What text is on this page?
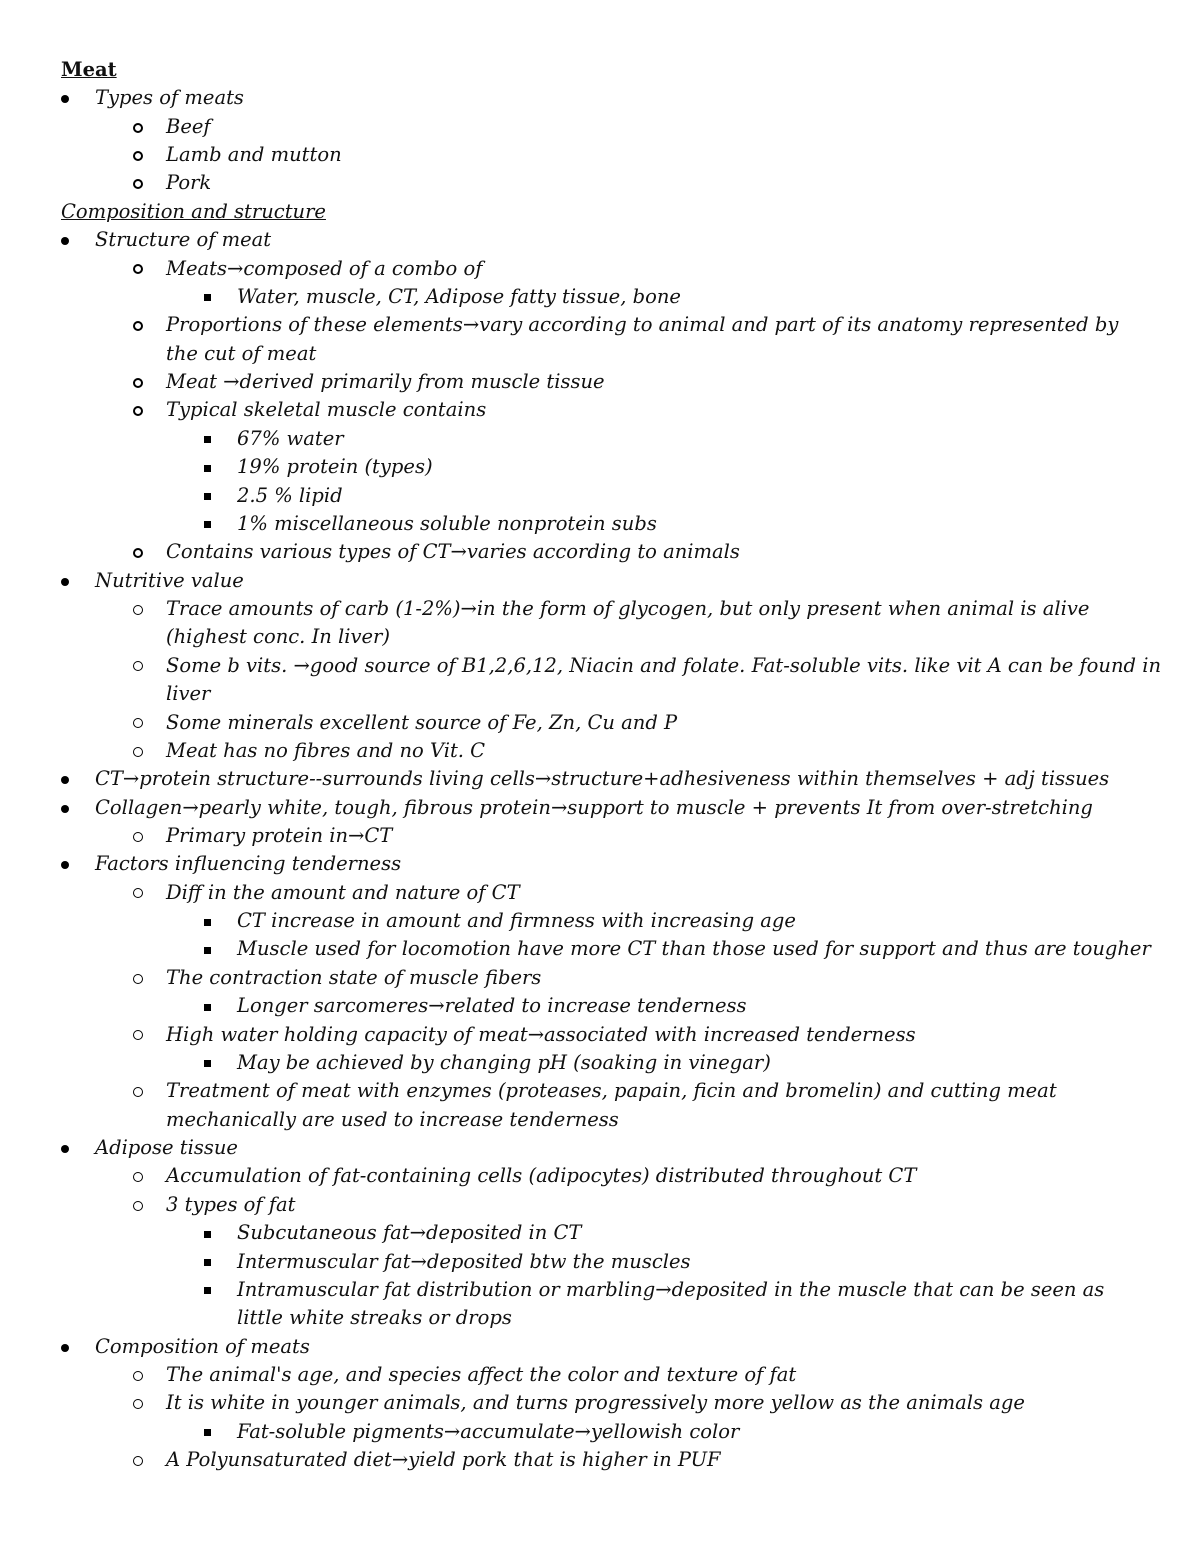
Meat
Types of meats
Beef
Lamb and mutton
Pork
Composition and structure
Structure of meat
Meats→composed of a combo of
Water, muscle, CT, Adipose fatty tissue, bone
Proportions of these elements→vary according to animal and part of its anatomy represented by
the cut of meat
Meat →derived primarily from muscle tissue
Typical skeletal muscle contains
67% water
19% protein (types)
2.5 % lipid
1% miscellaneous soluble nonprotein subs
Contains various types of CT→varies according to animals
Nutritive value
Trace amounts of carb (1-2%)→in the form of glycogen, but only present when animal is alive
(highest conc. In liver)
Some b vits. →good source of B1,2,6,12, Niacin and folate. Fat-soluble vits. like vit A can be found in
liver
Some minerals excellent source of Fe, Zn, Cu and P
Meat has no fibres and no Vit. C
CT→protein structure--surrounds living cells→structure+adhesiveness within themselves + adj tissues
Collagen→pearly white, tough, fibrous protein→support to muscle + prevents It from over-stretching
Primary protein in→CT
Factors influencing tenderness
Diff in the amount and nature of CT
CT increase in amount and firmness with increasing age
Muscle used for locomotion have more CT than those used for support and thus are tougher
The contraction state of muscle fibers
Longer sarcomeres→related to increase tenderness
High water holding capacity of meat→associated with increased tenderness
May be achieved by changing pH (soaking in vinegar)
Treatment of meat with enzymes (proteases, papain, ficin and bromelin) and cutting meat
mechanically are used to increase tenderness
Adipose tissue
Accumulation of fat-containing cells (adipocytes) distributed throughout CT
3 types of fat
Subcutaneous fat→deposited in CT
Intermuscular fat→deposited btw the muscles
Intramuscular fat distribution or marbling→deposited in the muscle that can be seen as
little white streaks or drops
Composition of meats
The animal's age, and species affect the color and texture of fat
It is white in younger animals, and turns progressively more yellow as the animals age
Fat-soluble pigments→accumulate→yellowish color
A Polyunsaturated diet→yield pork that is higher in PUF
